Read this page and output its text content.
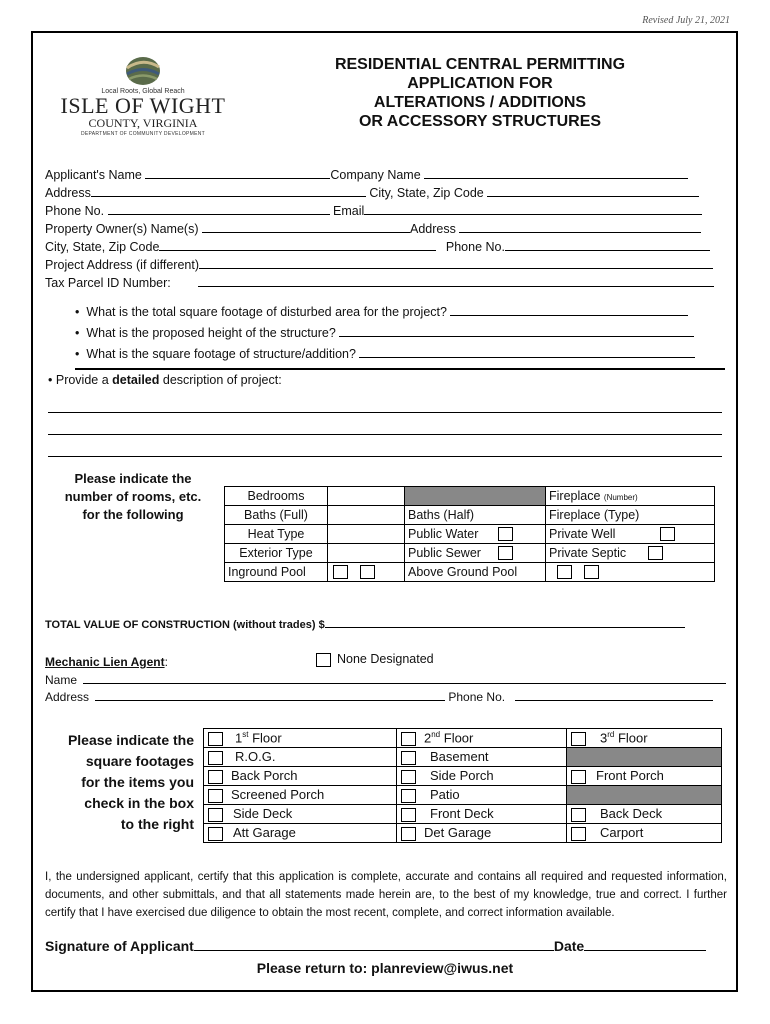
Revised July 21, 2021
Local Roots, Global Reach
ISLE OF WIGHT
COUNTY, VIRGINIA
DEPARTMENT OF COMMUNITY DEVELOPMENT
RESIDENTIAL CENTRAL PERMITTING
APPLICATION FOR
ALTERATIONS / ADDITIONS
OR ACCESSORY STRUCTURES
Applicant's Name	Company Name
Address	City, State, Zip Code
Phone No.	Email
Property Owner(s) Name(s)	Address
City, State, Zip Code	Phone No.
Project Address (if different)
Tax Parcel ID Number:
•  What is the total square footage of disturbed area for the project?
•  What is the proposed height of the structure?
•  What is the square footage of structure/addition?
• Provide a detailed description of project:
Please indicate the
number of rooms, etc.
for the following
Bedrooms			Fireplace (Number)
Baths (Full)		Baths (Half)	Fireplace (Type)
Heat Type		Public Water	Private Well
Exterior Type		Public Sewer	Private Septic
Inground Pool		Above Ground Pool	
TOTAL VALUE OF CONSTRUCTION (without trades) $
Mechanic Lien Agent:	None Designated
Name
Address	Phone No.
Please indicate the
square footages
for the items you
check in the box
to the right
1st Floor	2nd Floor	3rd Floor
R.O.G.	Basement	
Back Porch	Side Porch	Front Porch
Screened Porch	Patio	
Side Deck	Front Deck	Back Deck
Att Garage	Det Garage	Carport
I, the undersigned applicant, certify that this application is complete, accurate and contains all required and requested information, documents, and other submittals, and that all statements made herein are, to the best of my knowledge, true and correct. I further certify that I have exercised due diligence to obtain the most recent, complete, and correct information available.
Signature of Applicant	Date
Please return to: planreview@iwus.net
